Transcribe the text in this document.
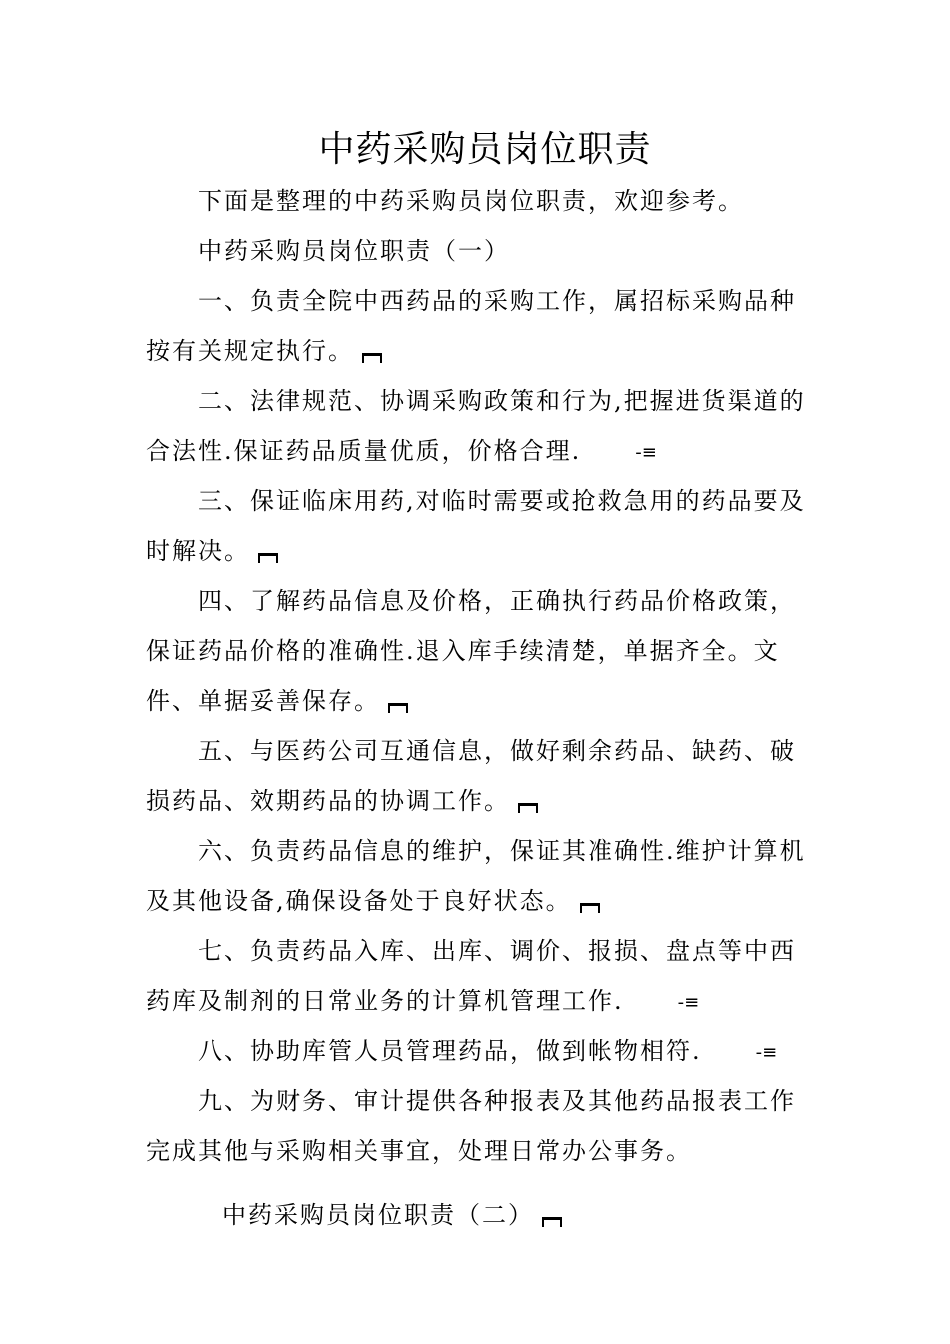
中药采购员岗位职责

下面是整理的中药采购员岗位职责，欢迎参考。

中药采购员岗位职责（一）

一、负责全院中西药品的采购工作，属招标采购品种按有关规定执行。

二、法律规范、协调采购政策和行为,把握进货渠道的合法性.保证药品质量优质，价格合理.	-≡

三、保证临床用药,对临时需要或抢救急用的药品要及时解决。

四、了解药品信息及价格，正确执行药品价格政策，保证药品价格的准确性.退入库手续清楚，单据齐全。文件、单据妥善保存。

五、与医药公司互通信息，做好剩余药品、缺药、破损药品、效期药品的协调工作。

六、负责药品信息的维护，保证其准确性.维护计算机及其他设备,确保设备处于良好状态。

七、负责药品入库、出库、调价、报损、盘点等中西药库及制剂的日常业务的计算机管理工作.	-≡

八、协助库管人员管理药品，做到帐物相符.	-≡

九、为财务、审计提供各种报表及其他药品报表工作完成其他与采购相关事宜，处理日常办公事务。

中药采购员岗位职责（二）
